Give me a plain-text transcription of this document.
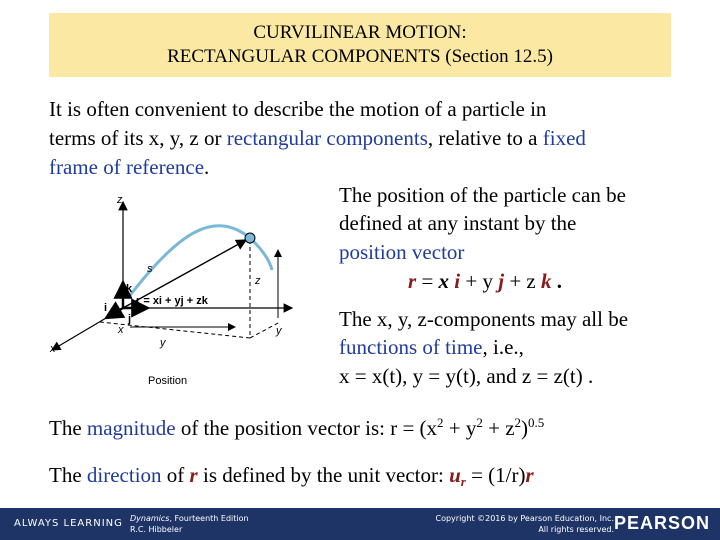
CURVILINEAR MOTION:
RECTANGULAR COMPONENTS (Section 12.5)
It is often convenient to describe the motion of a particle in
terms of its x, y, z or rectangular components, relative to a fixed
frame of reference.
The position of the particle can be
defined at any instant by the
position vector
r = x i + y j + z k .
The x, y, z-components may all be
functions of time, i.e.,
x = x(t), y = y(t), and z = z(t) .
The magnitude of the position vector is: $r = (x^2 + y^2 + z^2)^{0.5}$
The direction of r is defined by the unit vector: $u_r = (1/r)r$
z
z
x
x
y
y
s
r = xi + yj + zk
k
i
j
Position
ALWAYS LEARNING Dynamics, Fourteenth Edition
R.C. Hibbeler
Copyright ©2016 by Pearson Education, Inc.
All rights reserved. PEARSON
